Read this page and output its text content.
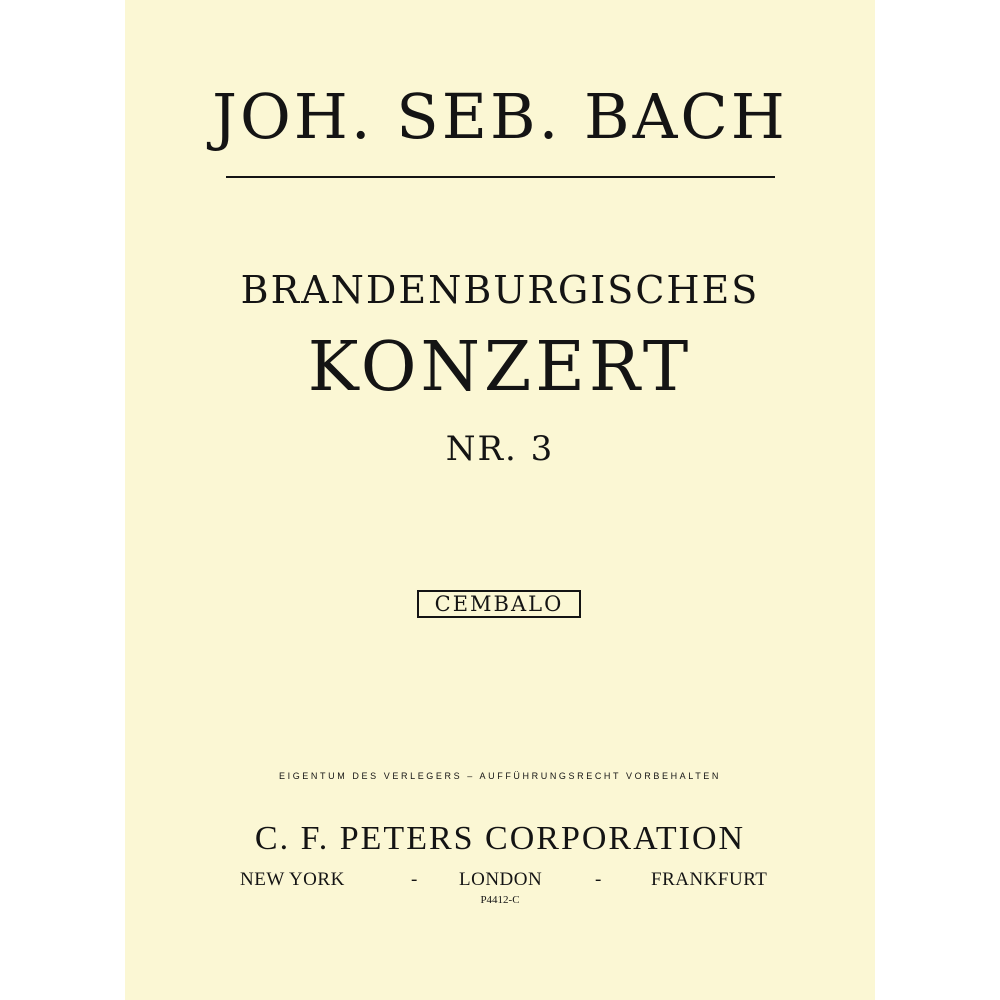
JOH. SEB. BACH
BRANDENBURGISCHES
KONZERT
NR. 3
CEMBALO
EIGENTUM DES VERLEGERS – AUFFÜHRUNGSRECHT VORBEHALTEN
C. F. PETERS CORPORATION
NEW YORK	- LONDON	-	FRANKFURT
P4412-C
